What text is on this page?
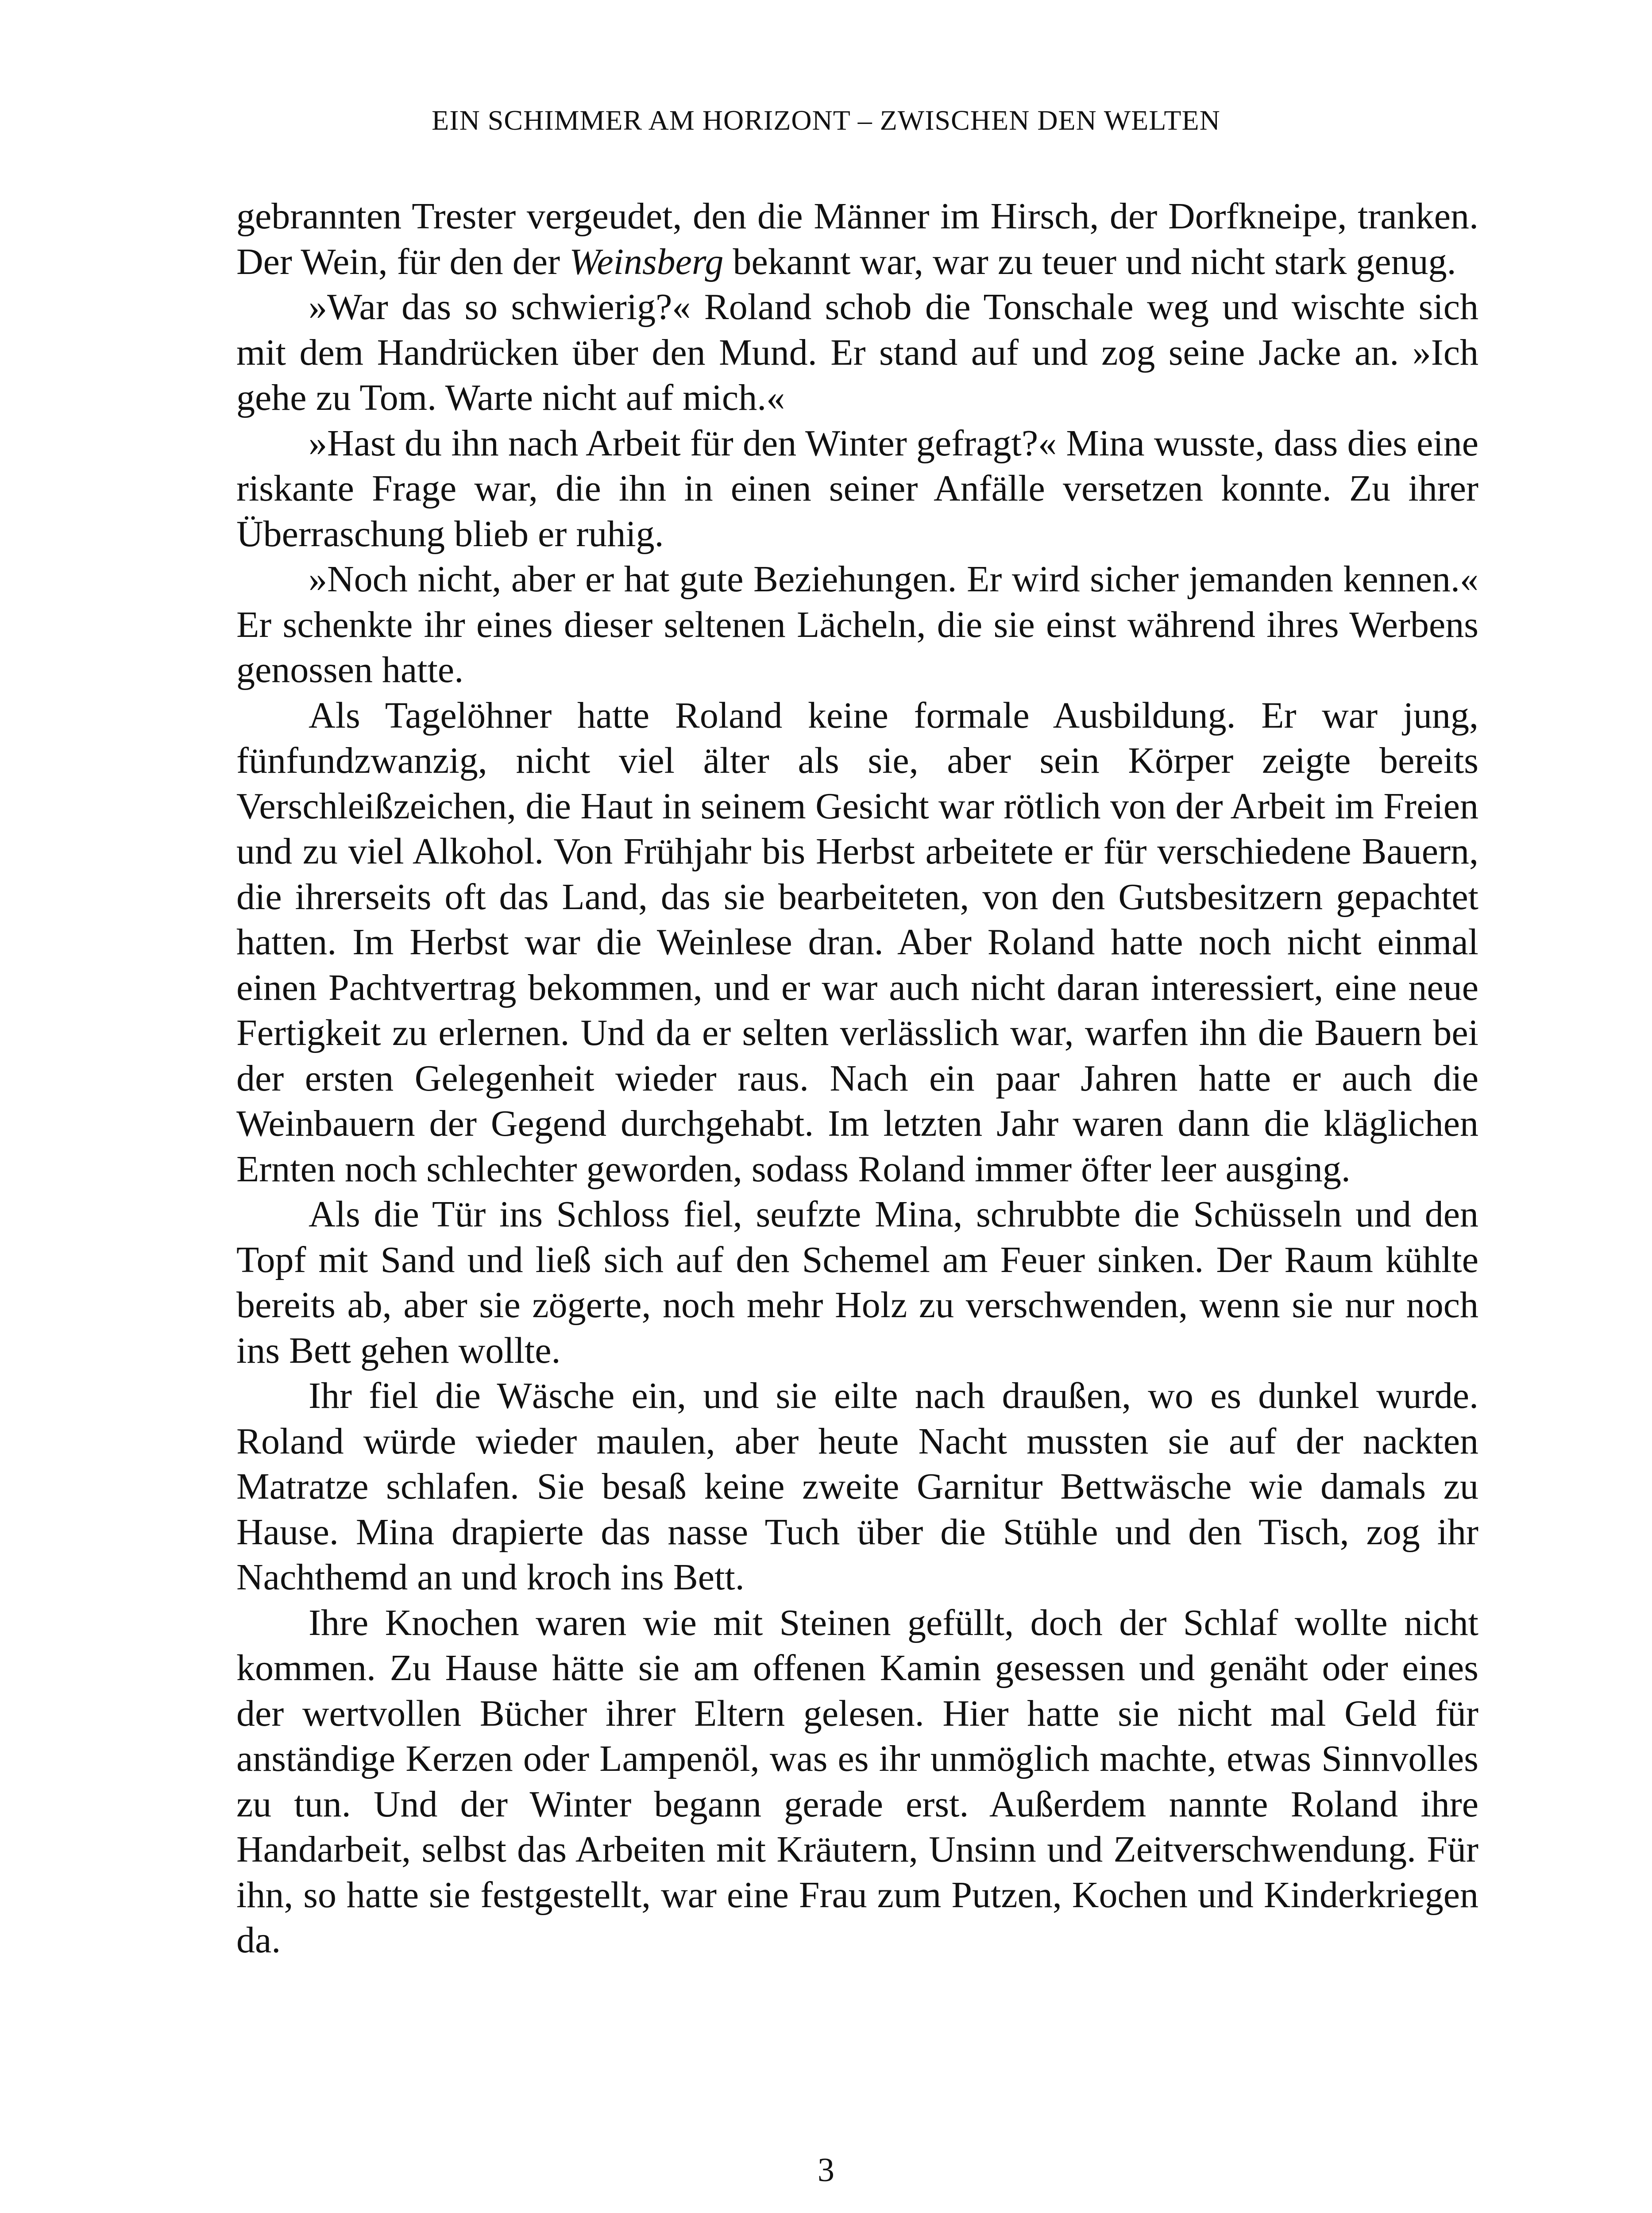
EIN SCHIMMER AM HORIZONT – ZWISCHEN DEN WELTEN

gebrannten Trester vergeudet, den die Männer im Hirsch, der Dorfkneipe, tranken. Der Wein, für den der Weinsberg bekannt war, war zu teuer und nicht stark genug.

»War das so schwierig?« Roland schob die Tonschale weg und wischte sich mit dem Handrücken über den Mund. Er stand auf und zog seine Jacke an. »Ich gehe zu Tom. Warte nicht auf mich.«

»Hast du ihn nach Arbeit für den Winter gefragt?« Mina wusste, dass dies eine riskante Frage war, die ihn in einen seiner Anfälle versetzen konnte. Zu ihrer Überraschung blieb er ruhig.

»Noch nicht, aber er hat gute Beziehungen. Er wird sicher jemanden kennen.« Er schenkte ihr eines dieser seltenen Lächeln, die sie einst während ihres Werbens genossen hatte.

Als Tagelöhner hatte Roland keine formale Ausbildung. Er war jung, fünfundzwanzig, nicht viel älter als sie, aber sein Körper zeigte bereits Verschleißzeichen, die Haut in seinem Gesicht war rötlich von der Arbeit im Freien und zu viel Alkohol. Von Frühjahr bis Herbst arbeitete er für verschiedene Bauern, die ihrerseits oft das Land, das sie bearbeiteten, von den Gutsbesitzern gepachtet hatten. Im Herbst war die Weinlese dran. Aber Roland hatte noch nicht einmal einen Pachtvertrag bekommen, und er war auch nicht daran interessiert, eine neue Fertigkeit zu erlernen. Und da er selten verlässlich war, warfen ihn die Bauern bei der ersten Gelegenheit wieder raus. Nach ein paar Jahren hatte er auch die Weinbauern der Gegend durchgehabt. Im letzten Jahr waren dann die kläglichen Ernten noch schlechter geworden, sodass Roland immer öfter leer ausging.

Als die Tür ins Schloss fiel, seufzte Mina, schrubbte die Schüsseln und den Topf mit Sand und ließ sich auf den Schemel am Feuer sinken. Der Raum kühlte bereits ab, aber sie zögerte, noch mehr Holz zu verschwenden, wenn sie nur noch ins Bett gehen wollte.

Ihr fiel die Wäsche ein, und sie eilte nach draußen, wo es dunkel wurde. Roland würde wieder maulen, aber heute Nacht mussten sie auf der nackten Matratze schlafen. Sie besaß keine zweite Garnitur Bettwäsche wie damals zu Hause. Mina drapierte das nasse Tuch über die Stühle und den Tisch, zog ihr Nachthemd an und kroch ins Bett.

Ihre Knochen waren wie mit Steinen gefüllt, doch der Schlaf wollte nicht kommen. Zu Hause hätte sie am offenen Kamin gesessen und genäht oder eines der wertvollen Bücher ihrer Eltern gelesen. Hier hatte sie nicht mal Geld für anständige Kerzen oder Lampenöl, was es ihr unmöglich machte, etwas Sinnvolles zu tun. Und der Winter begann gerade erst. Außerdem nannte Roland ihre Handarbeit, selbst das Arbeiten mit Kräutern, Unsinn und Zeitverschwendung. Für ihn, so hatte sie festgestellt, war eine Frau zum Putzen, Kochen und Kinderkriegen da.

3
